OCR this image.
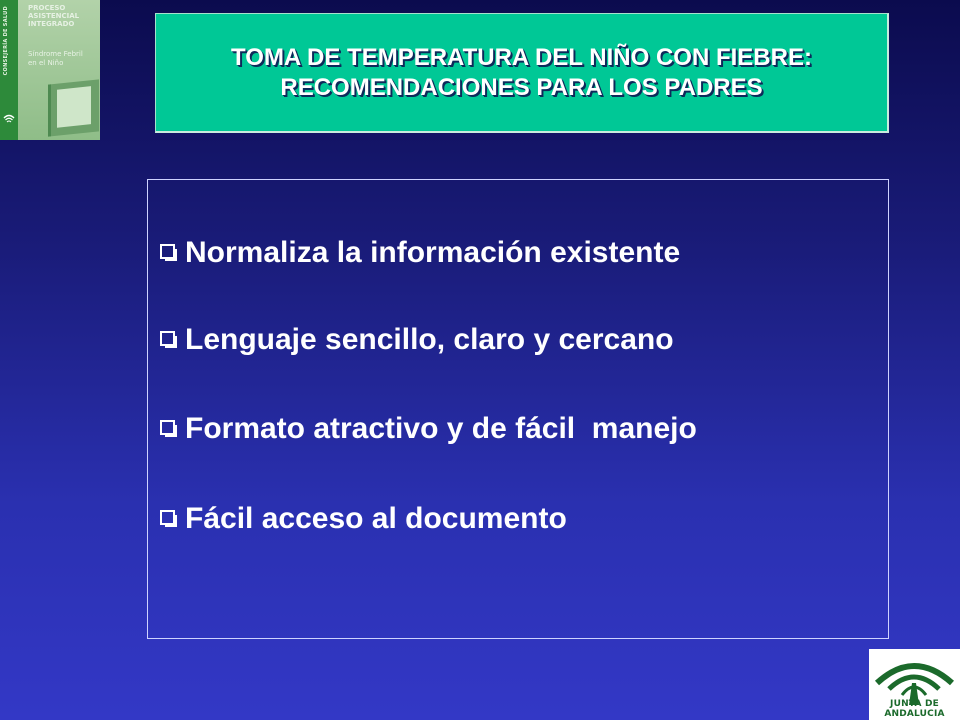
CONSEJERÍA DE SALUD	PROCESO
ASISTENCIAL
INTEGRADO
Síndrome Febril
en el Niño	TOMA DE TEMPERATURA DEL NIÑO CON FIEBRE: RECOMENDACIONES PARA LOS PADRES
Normaliza la información existente
Lenguaje sencillo, claro y cercano
Formato atractivo y de fácil  manejo
Fácil acceso al documento
JUNTA DE ANDALUCIA
